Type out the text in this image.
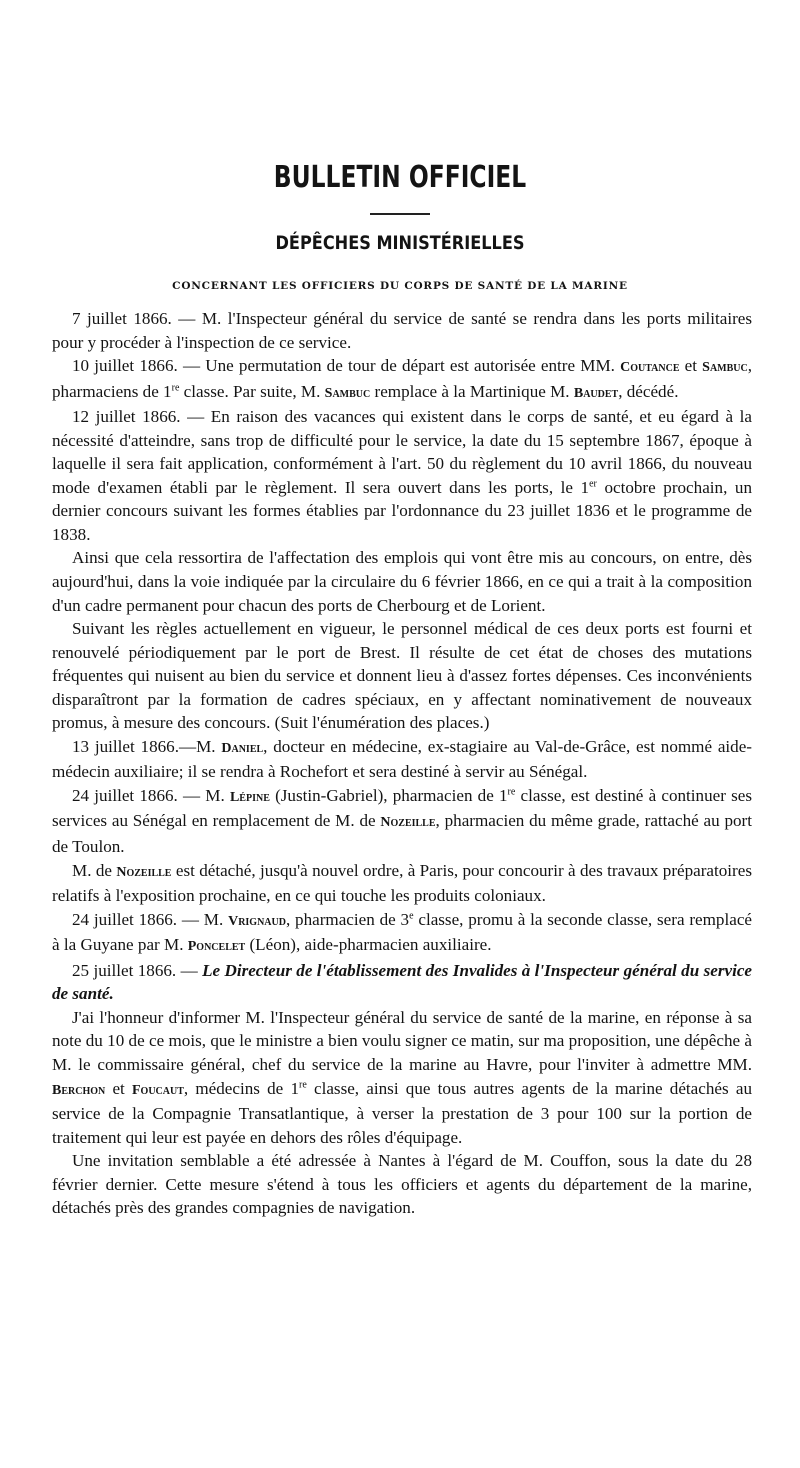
BULLETIN OFFICIEL
DÉPÊCHES MINISTÉRIELLES
CONCERNANT LES OFFICIERS DU CORPS DE SANTÉ DE LA MARINE

7 juillet 1866. — M. l'Inspecteur général du service de santé se rendra dans les ports militaires pour y procéder à l'inspection de ce service.

10 juillet 1866. — Une permutation de tour de départ est autorisée entre MM. Coutance et Sambuc, pharmaciens de 1re classe. Par suite, M. Sambuc remplace à la Martinique M. Baudet, décédé.

12 juillet 1866. — En raison des vacances qui existent dans le corps de santé, et eu égard à la nécessité d'atteindre, sans trop de difficulté pour le service, la date du 15 septembre 1867, époque à laquelle il sera fait application, conformément à l'art. 50 du règlement du 10 avril 1866, du nouveau mode d'examen établi par le règlement. Il sera ouvert dans les ports, le 1er octobre prochain, un dernier concours suivant les formes établies par l'ordonnance du 23 juillet 1836 et le programme de 1838.

Ainsi que cela ressortira de l'affectation des emplois qui vont être mis au concours, on entre, dès aujourd'hui, dans la voie indiquée par la circulaire du 6 février 1866, en ce qui a trait à la composition d'un cadre permanent pour chacun des ports de Cherbourg et de Lorient.

Suivant les règles actuellement en vigueur, le personnel médical de ces deux ports est fourni et renouvelé périodiquement par le port de Brest. Il résulte de cet état de choses des mutations fréquentes qui nuisent au bien du service et donnent lieu à d'assez fortes dépenses. Ces inconvénients disparaîtront par la formation de cadres spéciaux, en y affectant nominativement de nouveaux promus, à mesure des concours. (Suit l'énumération des places.)

13 juillet 1866.—M. Daniel, docteur en médecine, ex-stagiaire au Val-de-Grâce, est nommé aide-médecin auxiliaire; il se rendra à Rochefort et sera destiné à servir au Sénégal.

24 juillet 1866. — M. Lépine (Justin-Gabriel), pharmacien de 1re classe, est destiné à continuer ses services au Sénégal en remplacement de M. de Nozeille, pharmacien du même grade, rattaché au port de Toulon.

M. de Nozeille est détaché, jusqu'à nouvel ordre, à Paris, pour concourir à des travaux préparatoires relatifs à l'exposition prochaine, en ce qui touche les produits coloniaux.

24 juillet 1866. — M. Vrignaud, pharmacien de 3e classe, promu à la seconde classe, sera remplacé à la Guyane par M. Poncelet (Léon), aide-pharmacien auxiliaire.

25 juillet 1866. — Le Directeur de l'établissement des Invalides à l'Inspecteur général du service de santé.

J'ai l'honneur d'informer M. l'Inspecteur général du service de santé de la marine, en réponse à sa note du 10 de ce mois, que le ministre a bien voulu signer ce matin, sur ma proposition, une dépêche à M. le commissaire général, chef du service de la marine au Havre, pour l'inviter à admettre MM. Berchon et Foucaut, médecins de 1re classe, ainsi que tous autres agents de la marine détachés au service de la Compagnie Transatlantique, à verser la prestation de 3 pour 100 sur la portion de traitement qui leur est payée en dehors des rôles d'équipage.

Une invitation semblable a été adressée à Nantes à l'égard de M. Couffon, sous la date du 28 février dernier. Cette mesure s'étend à tous les officiers et agents du département de la marine, détachés près des grandes compagnies de navigation.
